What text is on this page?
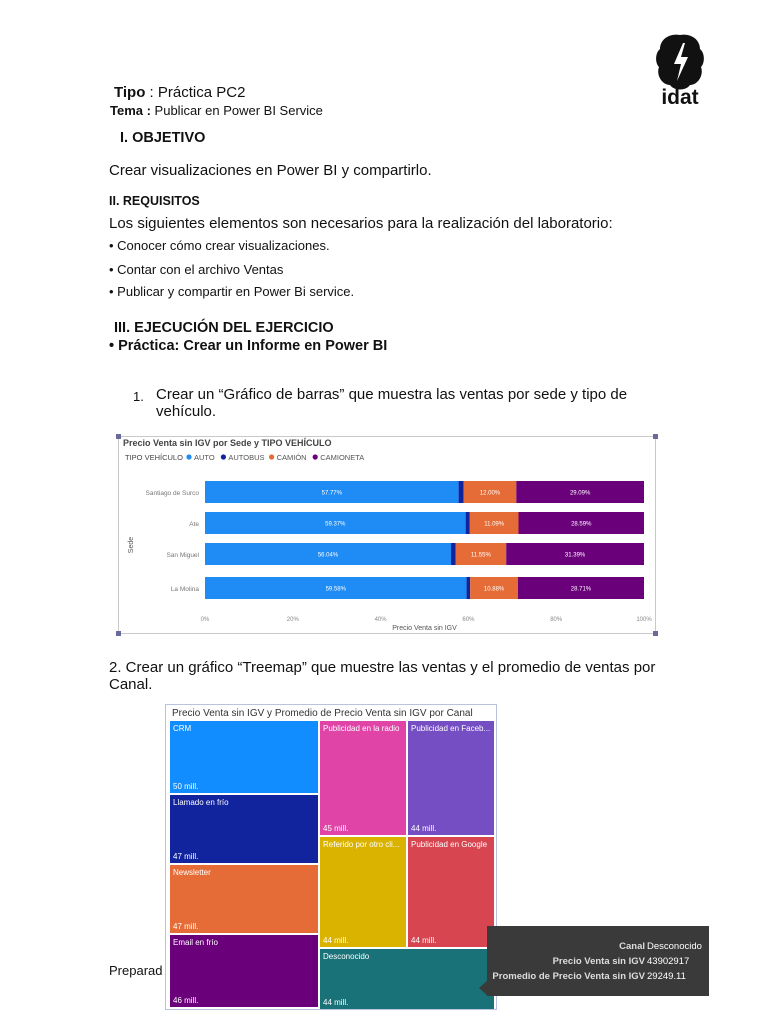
idat
Tipo : Práctica PC2
Tema : Publicar en Power BI Service
I. OBJETIVO
Crear visualizaciones en Power BI y compartirlo.
II. REQUISITOS
Los siguientes elementos son necesarios para la realización del laboratorio:
• Conocer cómo crear visualizaciones.
• Contar con el archivo Ventas
• Publicar y compartir en Power Bi service.
III. EJECUCIÓN DEL EJERCICIO
• Práctica: Crear un Informe en Power BI
1. Crear un “Gráfico de barras” que muestra las ventas por sede y tipo de
vehículo.
Precio Venta sin IGV por Sede y TIPO VEHÍCULO
TIPO VEHÍCULO AUTO AUTOBUS CAMIÓN CAMIONETA
Santiago de Surco	57.77%	12.00%	29.09%
Ate	59.37%	11.09%	28.59%
San Miguel	56.04%	11.55%	31.39%
La Molina	59.58%	10.88%	28.71%
0%	20%	40%	60%	80%	100%
Precio Venta sin IGV
Sede
2. Crear un gráfico “Treemap” que muestre las ventas y el promedio de ventas por
Canal.
Precio Venta sin IGV y Promedio de Precio Venta sin IGV por Canal
CRM
50 mill.
Llamado en frío
47 mill.
Newsletter
47 mill.
Email en frío
46 mill.
Publicidad en la radio
45 mill.
Publicidad en Faceb...
44 mill.
Referido por otro cli...
44 mill.
Publicidad en Google
44 mill.
Desconocido
44 mill.
Preparad
Canal Desconocido
Precio Venta sin IGV 43902917
Promedio de Precio Venta sin IGV 29249.11
